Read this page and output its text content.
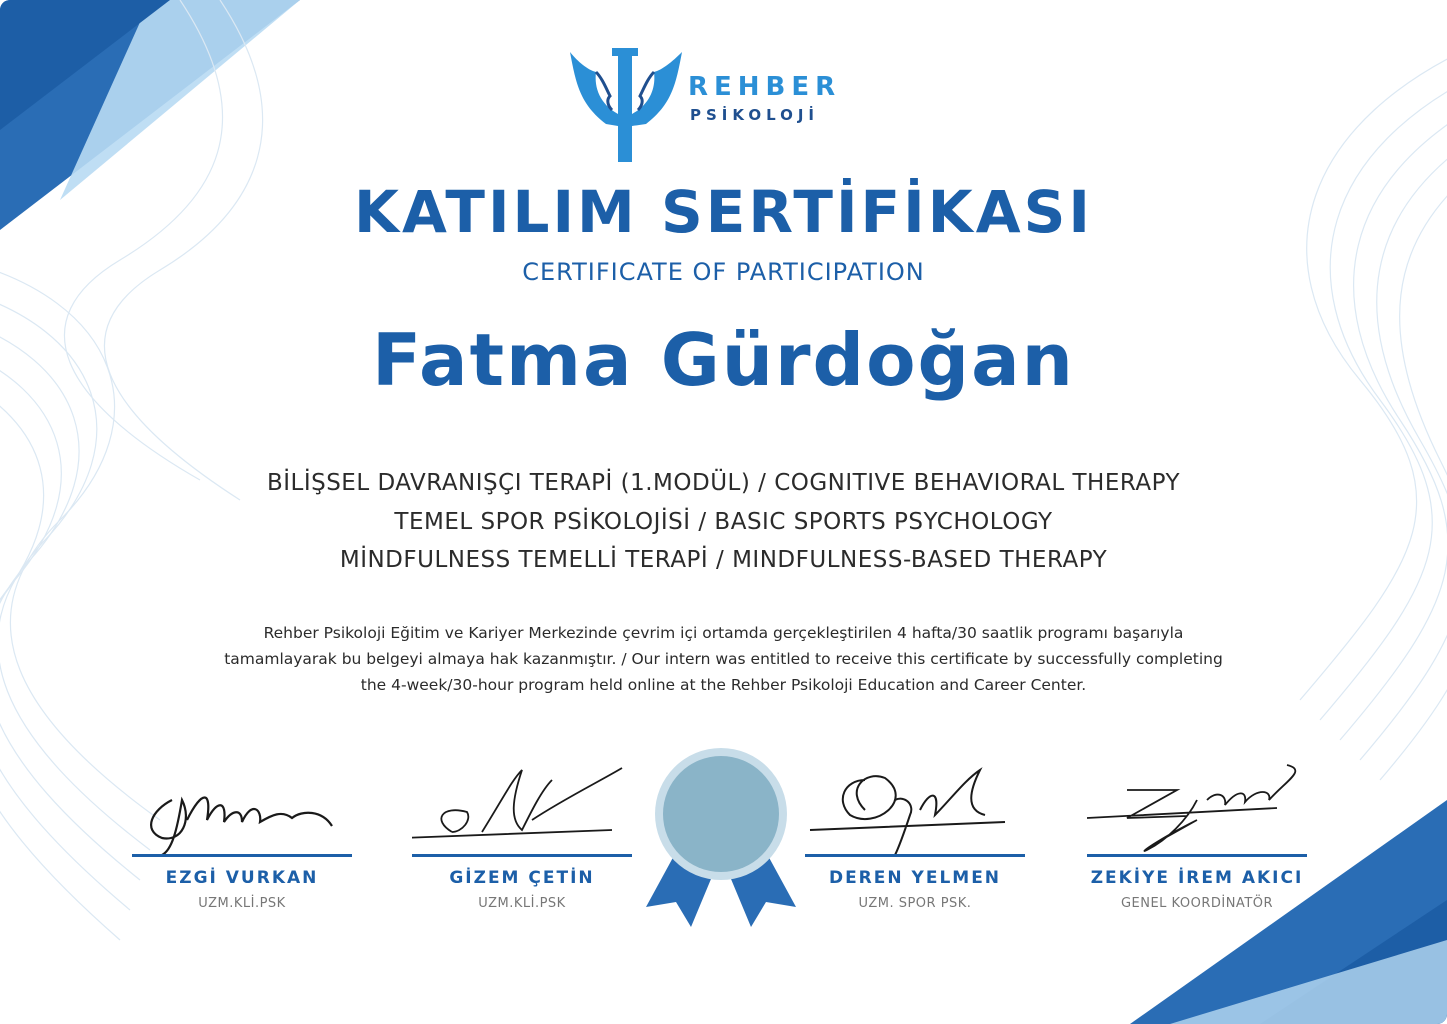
REHBER
PSİKOLOJİ
KATILIM SERTİFİKASI
CERTIFICATE OF PARTICIPATION
Fatma Gürdoğan
BİLİŞSEL DAVRANIŞÇI TERAPİ (1.MODÜL) / COGNITIVE BEHAVIORAL THERAPY
TEMEL SPOR PSİKOLOJİSİ / BASIC SPORTS PSYCHOLOGY
MİNDFULNESS TEMELLİ TERAPİ / MINDFULNESS-BASED THERAPY
Rehber Psikoloji Eğitim ve Kariyer Merkezinde çevrim içi ortamda gerçekleştirilen 4 hafta/30 saatlik programı başarıyla
tamamlayarak bu belgeyi almaya hak kazanmıştır. / Our intern was entitled to receive this certificate by successfully completing
the 4-week/30-hour program held online at the Rehber Psikoloji Education and Career Center.
EZGİ VURKAN
UZM.KLİ.PSK
GİZEM ÇETİN
UZM.KLİ.PSK
DEREN YELMEN
UZM. SPOR PSK.
ZEKİYE İREM AKICI
GENEL KOORDİNATÖR
